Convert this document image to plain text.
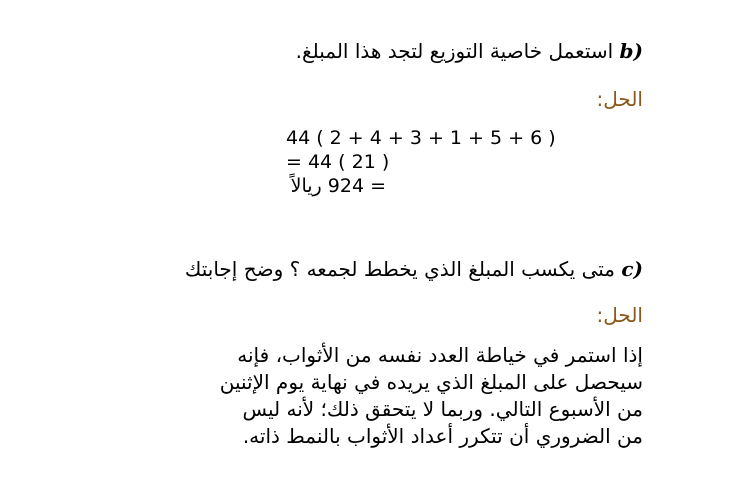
b) استعمل خاصية التوزيع لتجد هذا المبلغ.
الحل:
44 ( 2 + 4 + 3 + 1 + 5 + 6 )
= 44 ( 21 )
= 924 ريالاً
c) متى يكسب المبلغ الذي يخطط لجمعه ؟ وضح إجابتك
الحل:
إذا استمر في خياطة العدد نفسه من الأثواب، فإنه
سيحصل على المبلغ الذي يريده في نهاية يوم الإثنين
من الأسبوع التالي. وربما لا يتحقق ذلك؛ لأنه ليس
من الضروري أن تتكرر أعداد الأثواب بالنمط ذاته.
